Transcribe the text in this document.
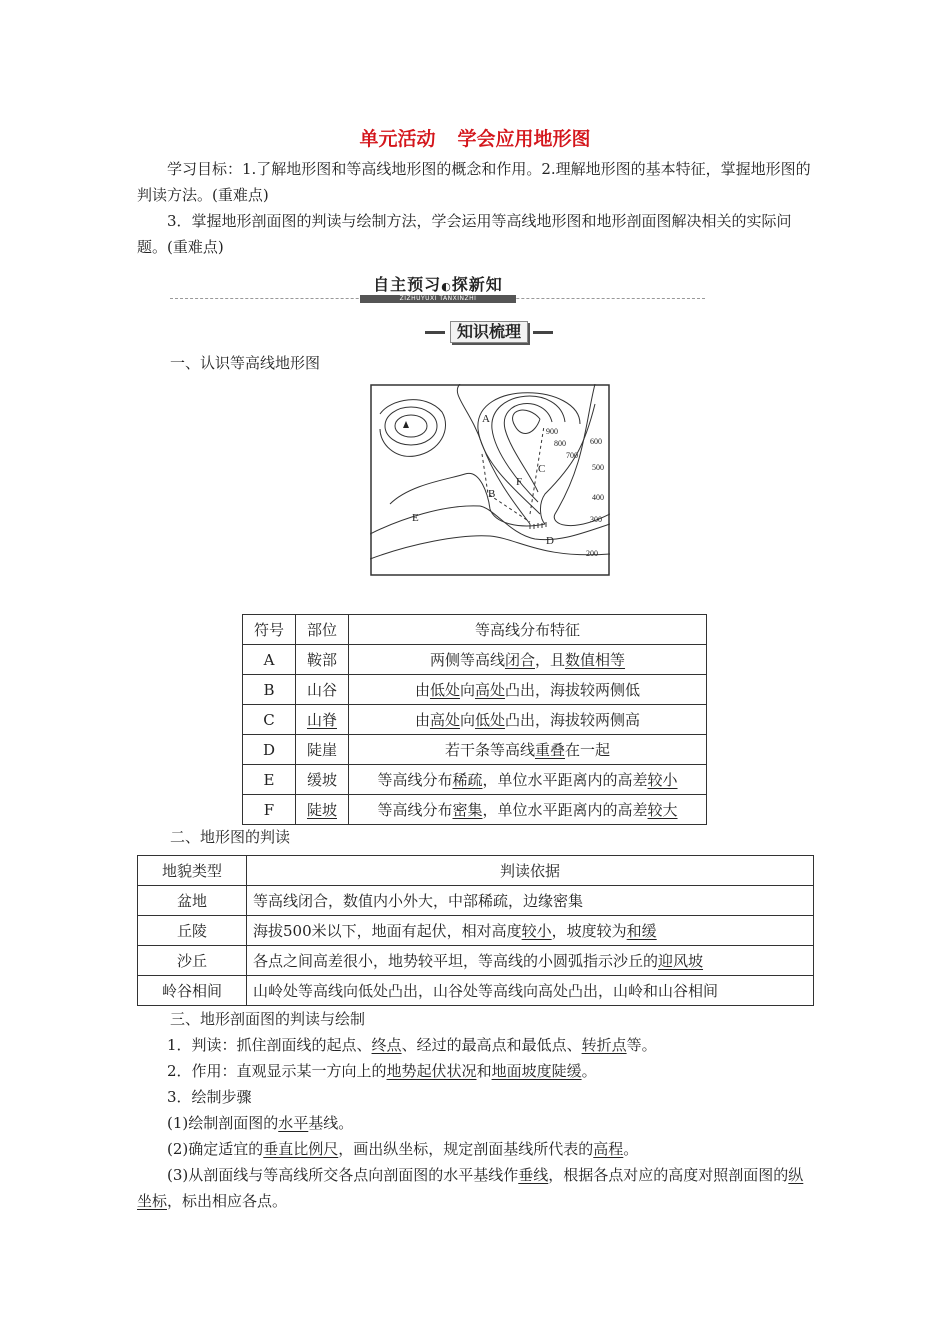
单元活动 学会应用地形图
学习目标：1.了解地形图和等高线地形图的概念和作用。2.理解地形图的基本特征，掌握地形图的判读方法。(重难点)
3．掌握地形剖面图的判读与绘制方法，学会运用等高线地形图和地形剖面图解决相关的实际问题。(重难点)
自主预习◐探新知
ZIZHUYUXI TANXINZHI
知识梳理
一、认识等高线地形图
A
B
C
D
E
F
900
800
700
600
500
400
300
200
符号	部位	等高线分布特征
A	鞍部	两侧等高线闭合，且数值相等
B	山谷	由低处向高处凸出，海拔较两侧低
C	山脊	由高处向低处凸出，海拔较两侧高
D	陡崖	若干条等高线重叠在一起
E	缓坡	等高线分布稀疏，单位水平距离内的高差较小
F	陡坡	等高线分布密集，单位水平距离内的高差较大
二、地形图的判读
地貌类型	判读依据
盆地	等高线闭合，数值内小外大，中部稀疏，边缘密集
丘陵	海拔500米以下，地面有起伏，相对高度较小，坡度较为和缓
沙丘	各点之间高差很小，地势较平坦，等高线的小圆弧指示沙丘的迎风坡
岭谷相间	山岭处等高线向低处凸出，山谷处等高线向高处凸出，山岭和山谷相间
三、地形剖面图的判读与绘制
1．判读：抓住剖面线的起点、终点、经过的最高点和最低点、转折点等。
2．作用：直观显示某一方向上的地势起伏状况和地面坡度陡缓。
3．绘制步骤
(1)绘制剖面图的水平基线。
(2)确定适宜的垂直比例尺，画出纵坐标，规定剖面基线所代表的高程。
(3)从剖面线与等高线所交各点向剖面图的水平基线作垂线，根据各点对应的高度对照剖面图的纵坐标，标出相应各点。
